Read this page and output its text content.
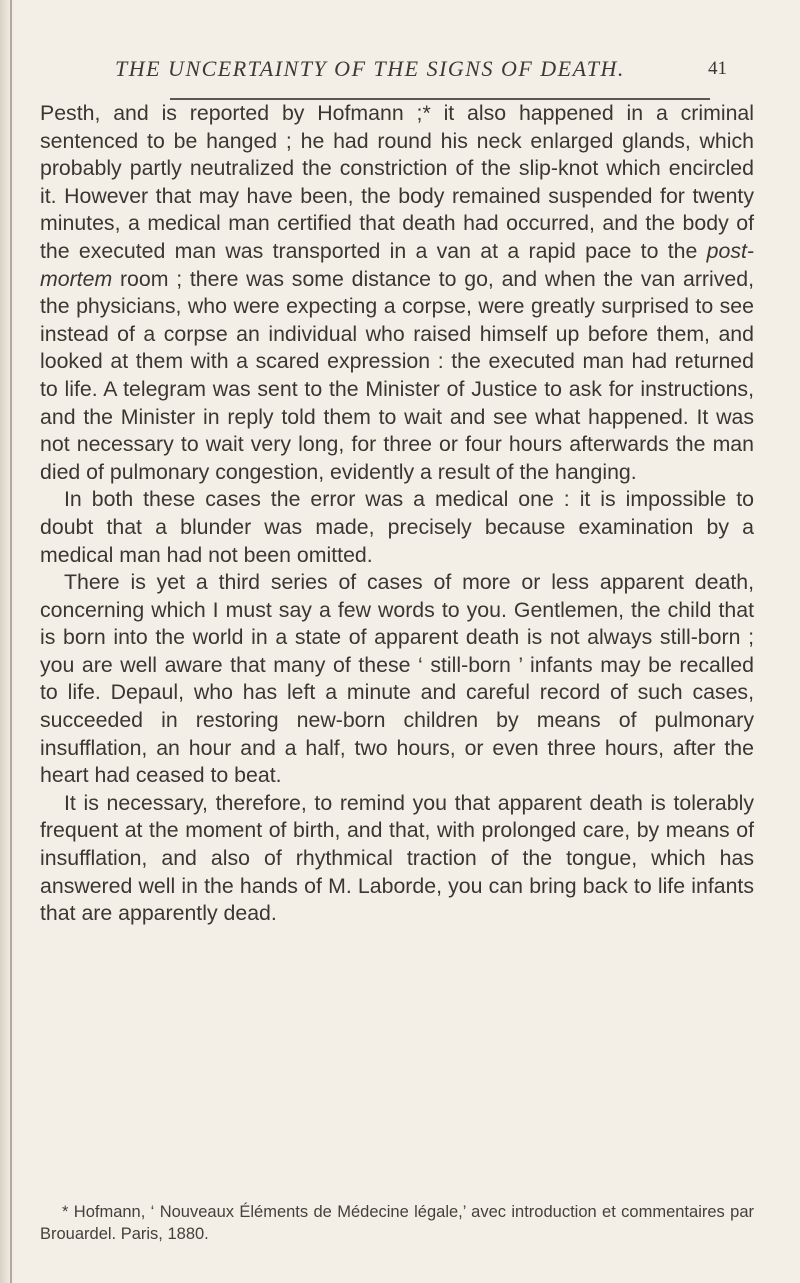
THE UNCERTAINTY OF THE SIGNS OF DEATH.	41

Pesth, and is reported by Hofmann ;* it also happened in a criminal sentenced to be hanged ; he had round his neck enlarged glands, which probably partly neutralized the constriction of the slip-knot which encircled it. However that may have been, the body remained suspended for twenty minutes, a medical man certified that death had occurred, and the body of the executed man was transported in a van at a rapid pace to the post-mortem room ; there was some distance to go, and when the van arrived, the physicians, who were expecting a corpse, were greatly surprised to see instead of a corpse an individual who raised himself up before them, and looked at them with a scared expression : the executed man had returned to life. A telegram was sent to the Minister of Justice to ask for instructions, and the Minister in reply told them to wait and see what happened. It was not necessary to wait very long, for three or four hours afterwards the man died of pulmonary congestion, evidently a result of the hanging.

In both these cases the error was a medical one : it is impossible to doubt that a blunder was made, precisely because examination by a medical man had not been omitted.

There is yet a third series of cases of more or less apparent death, concerning which I must say a few words to you. Gentlemen, the child that is born into the world in a state of apparent death is not always still-born ; you are well aware that many of these ‘ still-born ’ infants may be recalled to life. Depaul, who has left a minute and careful record of such cases, succeeded in restoring new-born children by means of pulmonary insufflation, an hour and a half, two hours, or even three hours, after the heart had ceased to beat.

It is necessary, therefore, to remind you that apparent death is tolerably frequent at the moment of birth, and that, with prolonged care, by means of insufflation, and also of rhythmical traction of the tongue, which has answered well in the hands of M. Laborde, you can bring back to life infants that are apparently dead.

* Hofmann, ‘ Nouveaux Éléments de Médecine légale,’ avec introduction et commentaires par Brouardel. Paris, 1880.
